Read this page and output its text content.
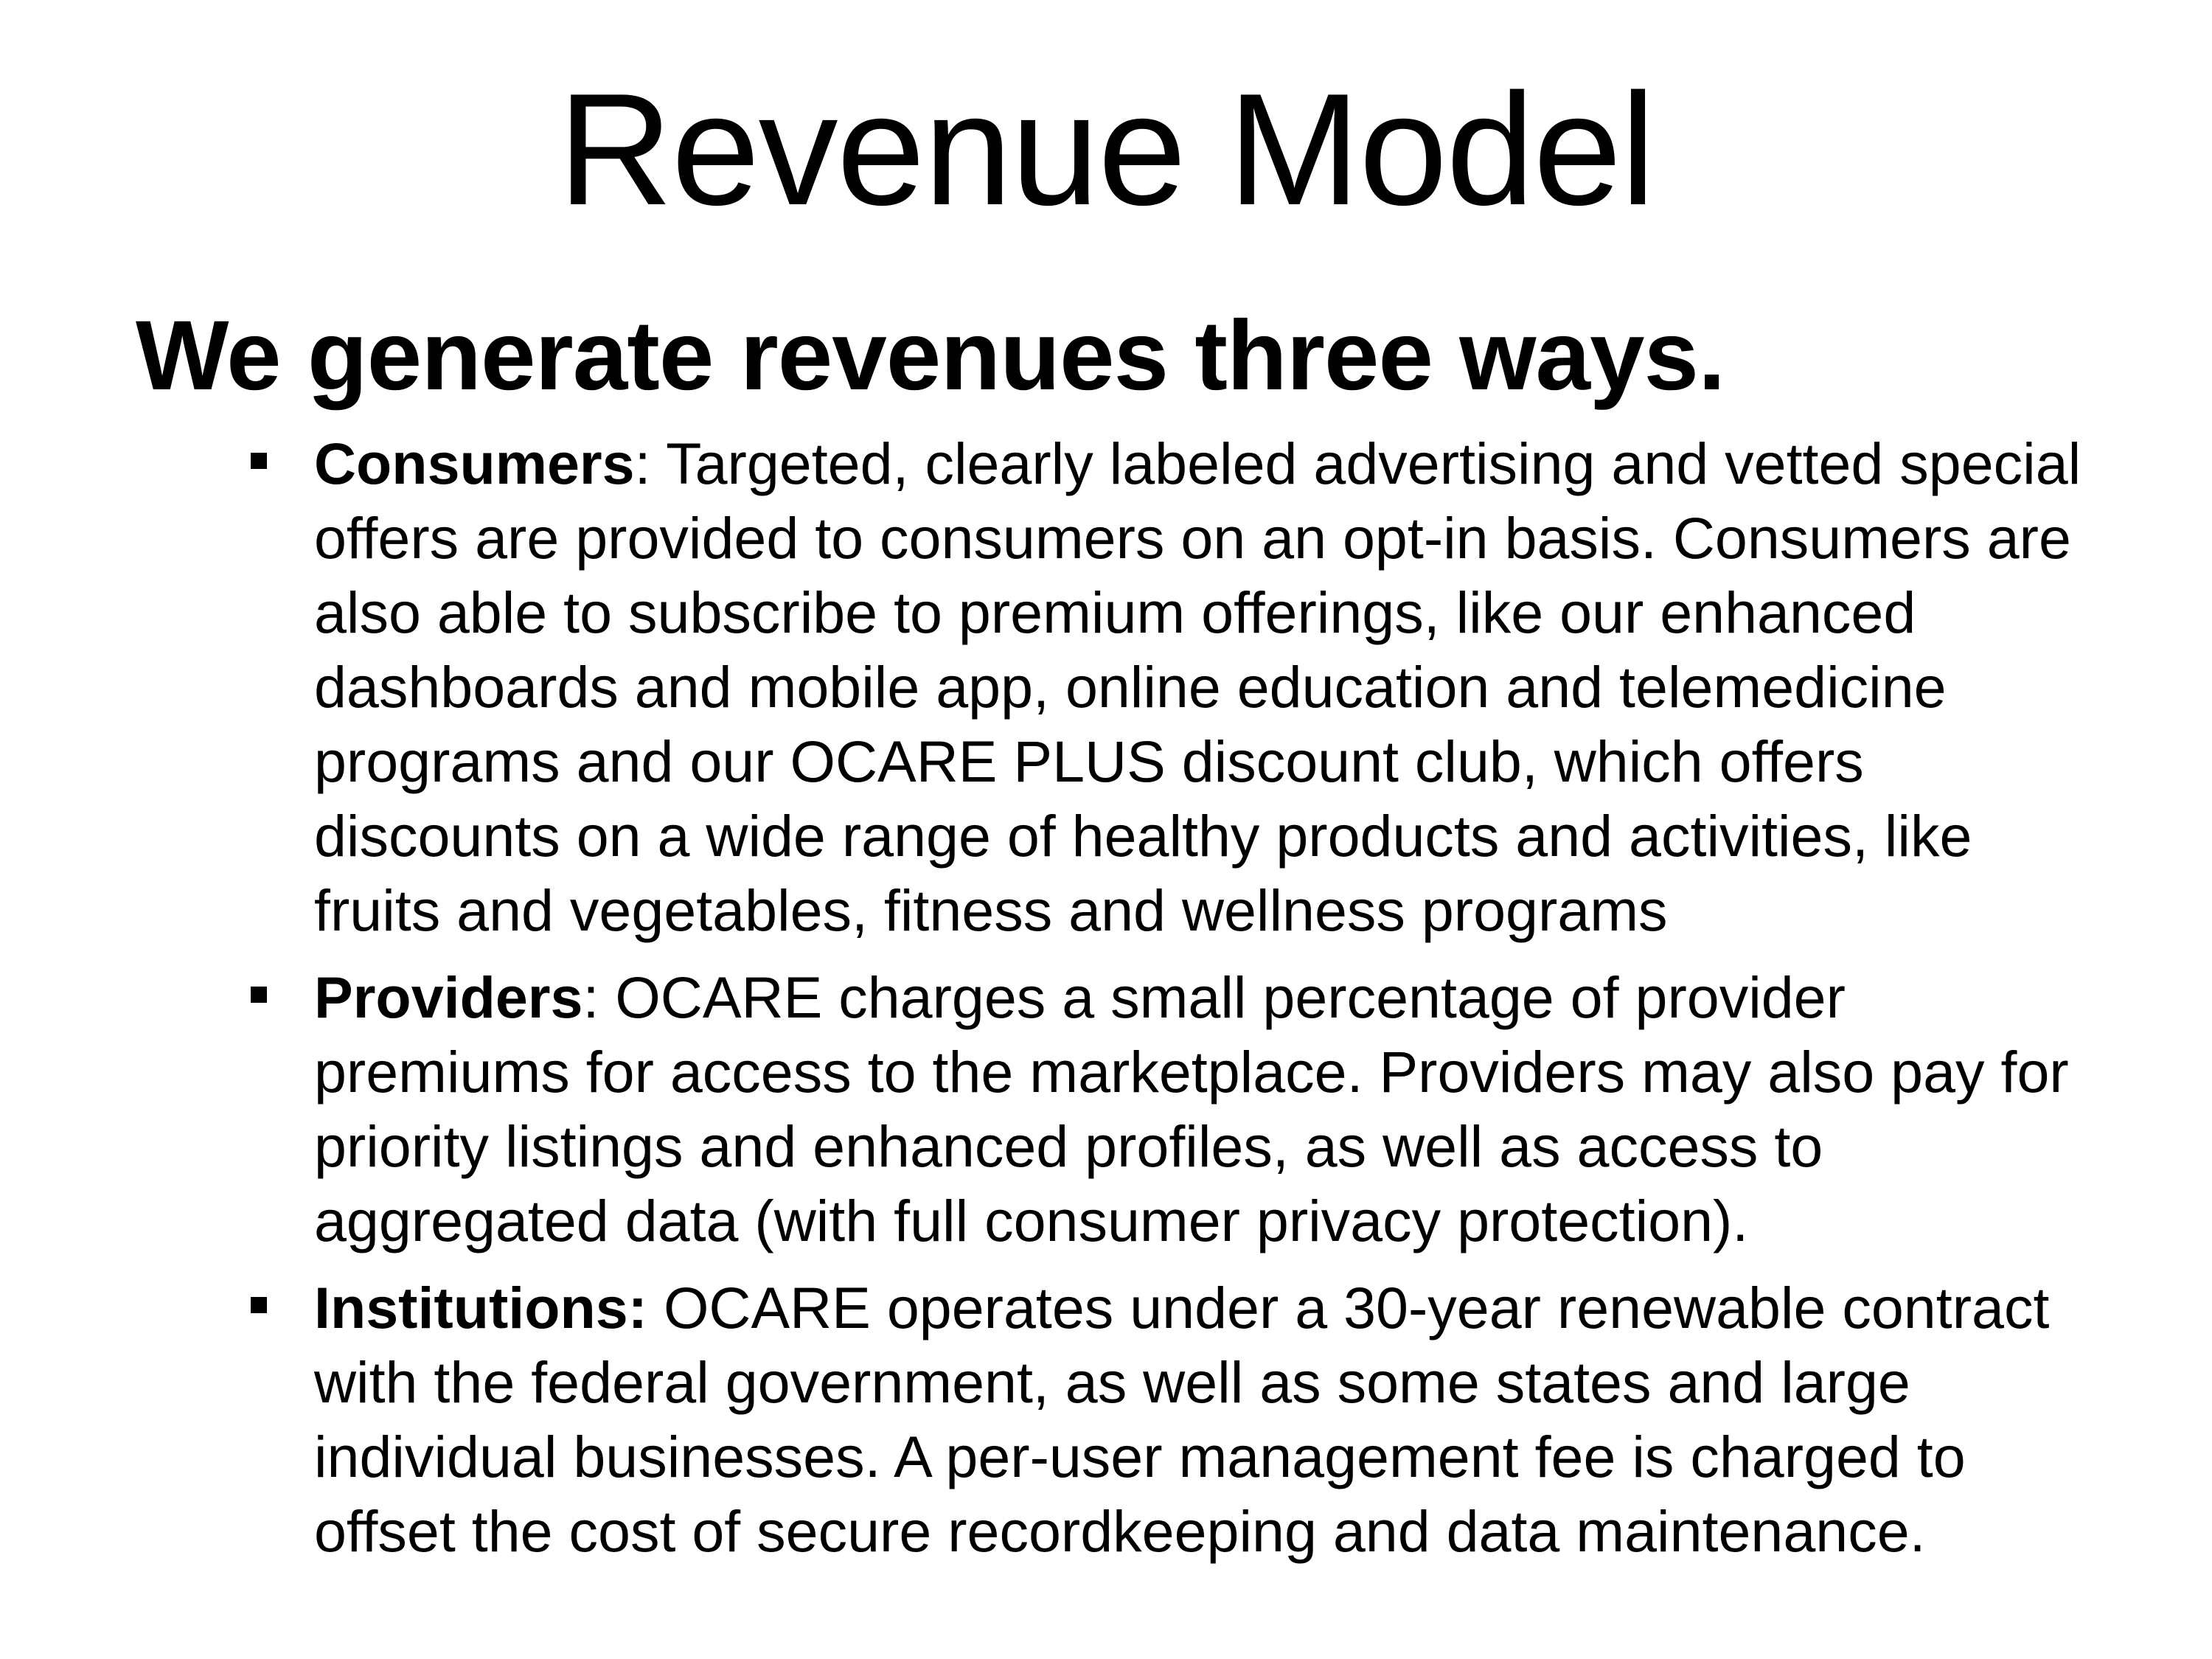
Revenue Model
We generate revenues three ways.
Consumers: Targeted, clearly labeled advertising and vetted special offers are provided to consumers on an opt-in basis. Consumers are also able to subscribe to premium offerings, like our enhanced dashboards and mobile app, online education and telemedicine programs and our OCARE PLUS discount club, which offers discounts on a wide range of healthy products and activities, like fruits and vegetables, fitness and wellness programs
Providers: OCARE charges a small percentage of provider premiums for access to the marketplace. Providers may also pay for priority listings and enhanced profiles, as well as access to aggregated data (with full consumer privacy protection).
Institutions: OCARE operates under a 30-year renewable contract with the federal government, as well as some states and large individual businesses. A per-user management fee is charged to offset the cost of secure recordkeeping and data maintenance.
